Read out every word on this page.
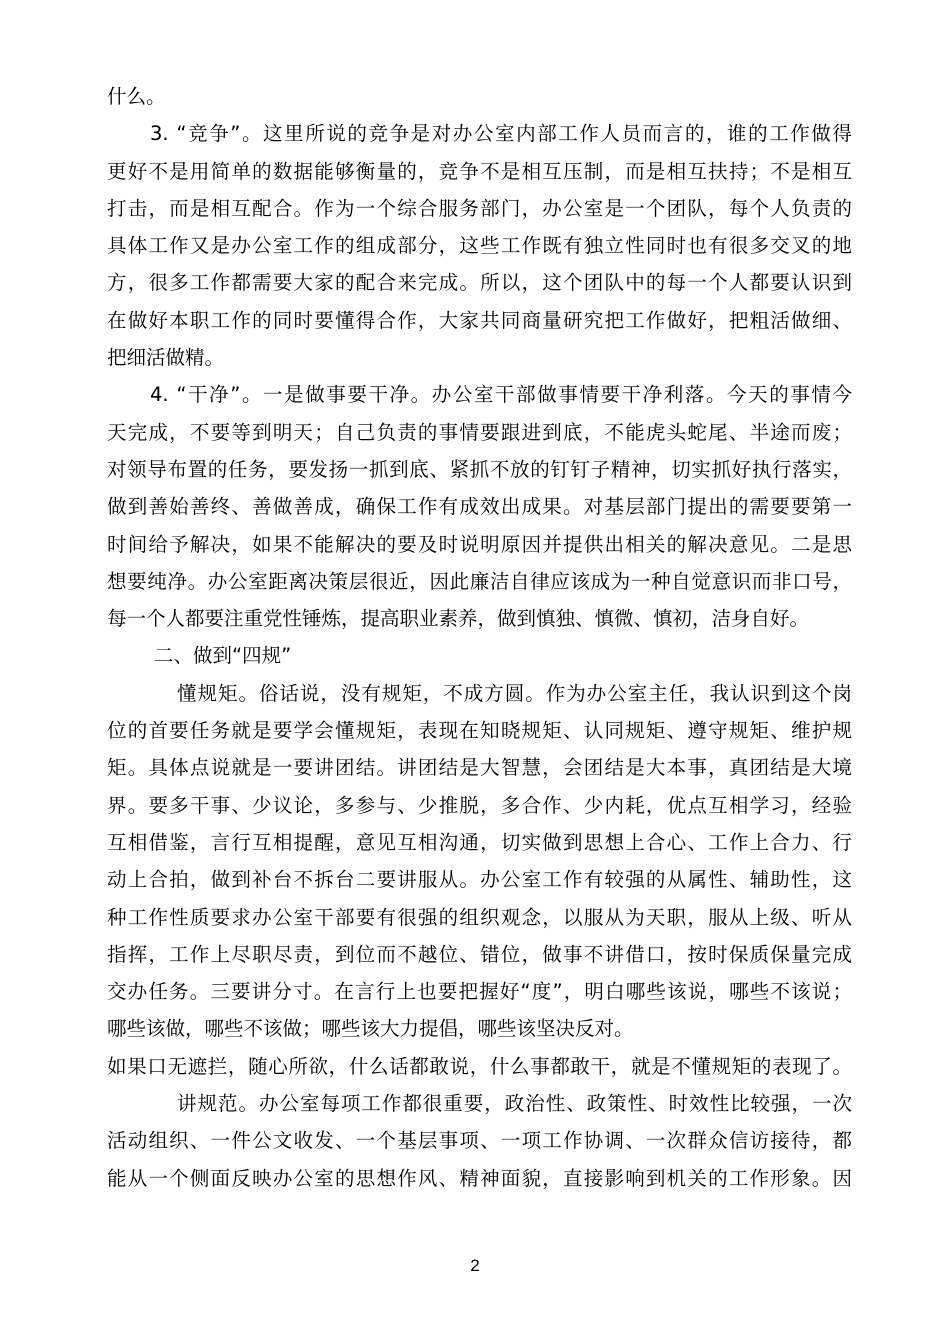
什么。
3. “竞争”。这里所说的竞争是对办公室内部工作人员而言的，谁的工作做得
更好不是用简单的数据能够衡量的，竞争不是相互压制，而是相互扶持；不是相互
打击，而是相互配合。作为一个综合服务部门，办公室是一个团队，每个人负责的
具体工作又是办公室工作的组成部分，这些工作既有独立性同时也有很多交叉的地
方，很多工作都需要大家的配合来完成。所以，这个团队中的每一个人都要认识到
在做好本职工作的同时要懂得合作，大家共同商量研究把工作做好，把粗活做细、
把细活做精。
4. “干净”。一是做事要干净。办公室干部做事情要干净利落。今天的事情今
天完成，不要等到明天；自己负责的事情要跟进到底，不能虎头蛇尾、半途而废；
对领导布置的任务，要发扬一抓到底、紧抓不放的钉钉子精神，切实抓好执行落实，
做到善始善终、善做善成，确保工作有成效出成果。对基层部门提出的需要要第一
时间给予解决，如果不能解决的要及时说明原因并提供出相关的解决意见。二是思
想要纯净。办公室距离决策层很近，因此廉洁自律应该成为一种自觉意识而非口号，
每一个人都要注重党性锤炼，提高职业素养，做到慎独、慎微、慎初，洁身自好。
二、做到“四规”
懂规矩。俗话说，没有规矩，不成方圆。作为办公室主任，我认识到这个岗
位的首要任务就是要学会懂规矩，表现在知晓规矩、认同规矩、遵守规矩、维护规
矩。具体点说就是一要讲团结。讲团结是大智慧，会团结是大本事，真团结是大境
界。要多干事、少议论，多参与、少推脱，多合作、少内耗，优点互相学习，经验
互相借鉴，言行互相提醒，意见互相沟通，切实做到思想上合心、工作上合力、行
动上合拍，做到补台不拆台二要讲服从。办公室工作有较强的从属性、辅助性，这
种工作性质要求办公室干部要有很强的组织观念，以服从为天职，服从上级、听从
指挥，工作上尽职尽责，到位而不越位、错位，做事不讲借口，按时保质保量完成
交办任务。三要讲分寸。在言行上也要把握好“度”，明白哪些该说，哪些不该说；
哪些该做，哪些不该做；哪些该大力提倡，哪些该坚决反对。
如果口无遮拦，随心所欲，什么话都敢说，什么事都敢干，就是不懂规矩的表现了。
讲规范。办公室每项工作都很重要，政治性、政策性、时效性比较强，一次
活动组织、一件公文收发、一个基层事项、一项工作协调、一次群众信访接待，都
能从一个侧面反映办公室的思想作风、精神面貌，直接影响到机关的工作形象。因
2
